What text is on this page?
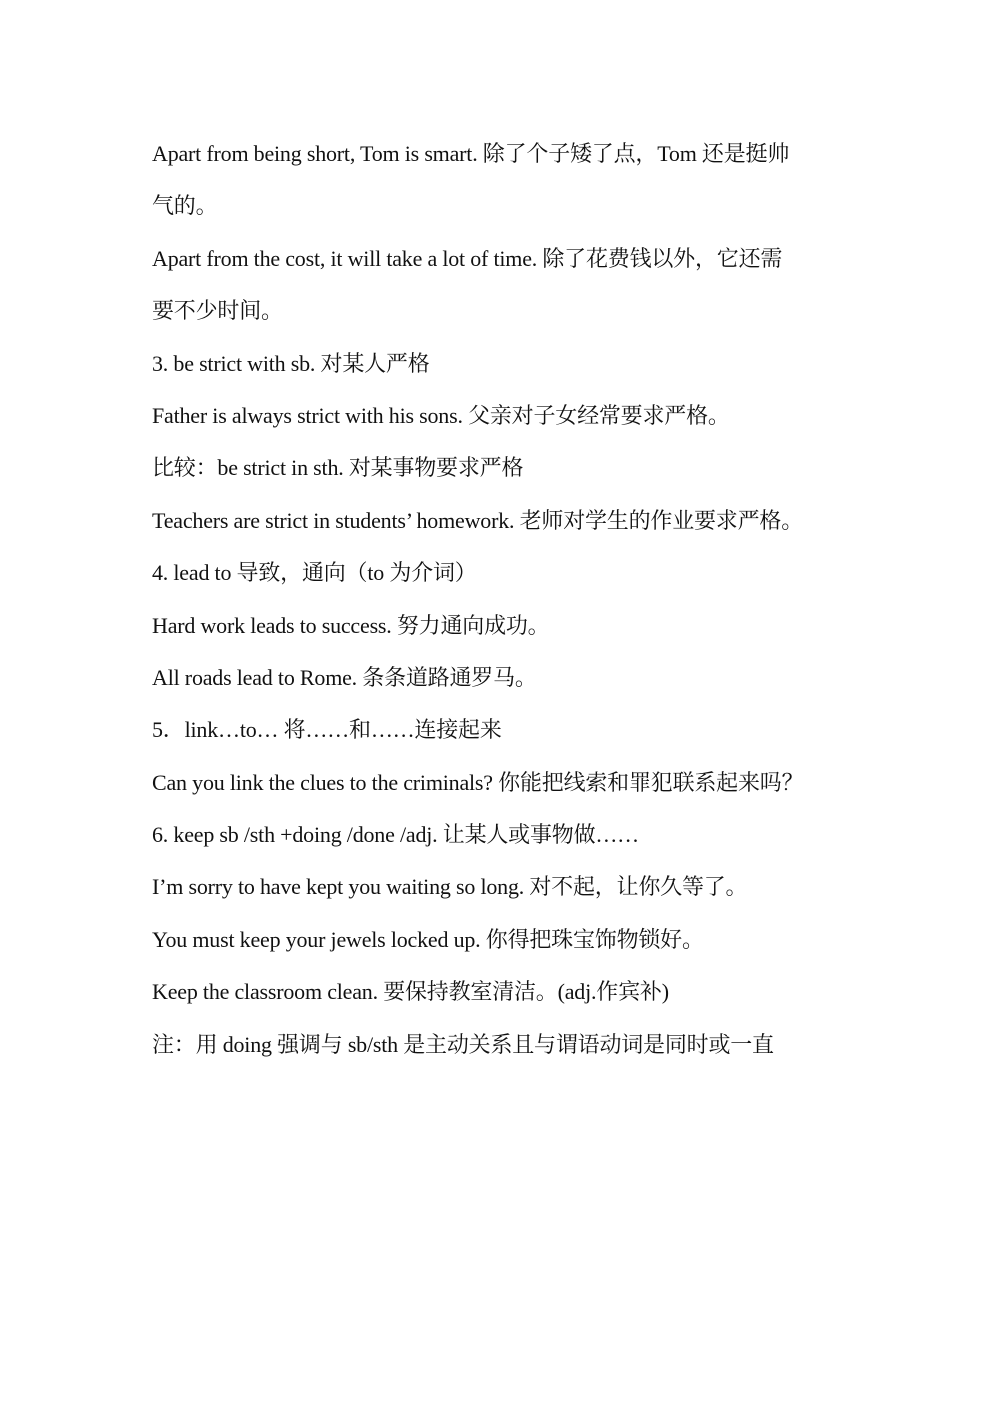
Apart from being short, Tom is smart. 除了个子矮了点，Tom 还是挺帅
气的。
Apart from the cost, it will take a lot of time. 除了花费钱以外，它还需
要不少时间。
3. be strict with sb. 对某人严格
Father is always strict with his sons. 父亲对子女经常要求严格。
比较：be strict in sth. 对某事物要求严格
Teachers are strict in students’ homework. 老师对学生的作业要求严格。
4. lead to 导致，通向（to 为介词）
Hard work leads to success. 努力通向成功。
All roads lead to Rome. 条条道路通罗马。
5．link…to… 将……和……连接起来
Can you link the clues to the criminals? 你能把线索和罪犯联系起来吗？
6. keep sb /sth +doing /done /adj. 让某人或事物做……
I’m sorry to have kept you waiting so long. 对不起，让你久等了。
You must keep your jewels locked up. 你得把珠宝饰物锁好。
Keep the classroom clean. 要保持教室清洁。(adj.作宾补)
注：用 doing 强调与 sb/sth 是主动关系且与谓语动词是同时或一直
